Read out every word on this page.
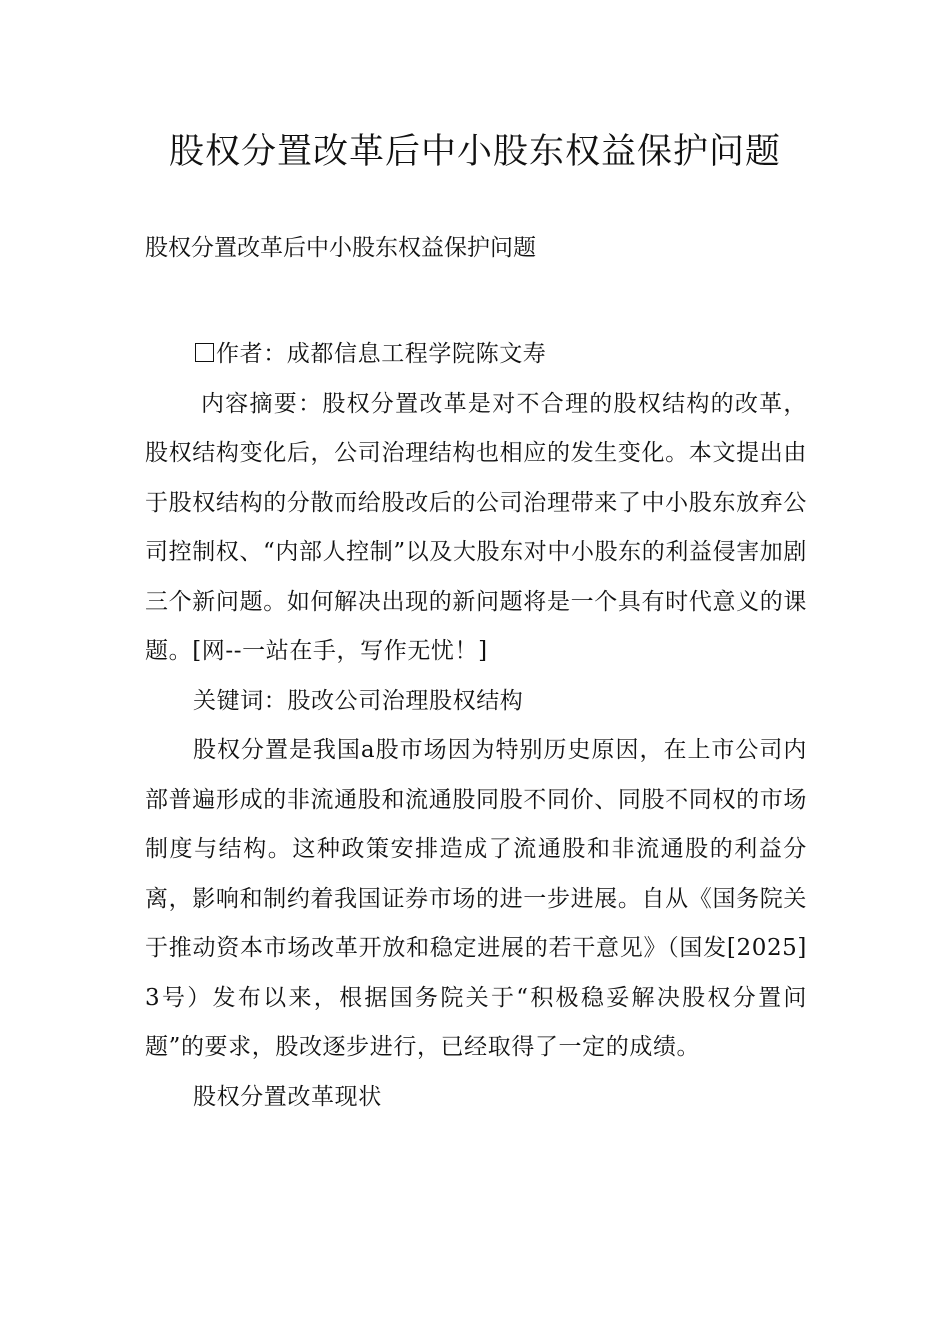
股权分置改革后中小股东权益保护问题

股权分置改革后中小股东权益保护问题

作者：成都信息工程学院陈文寿

内容摘要：股权分置改革是对不合理的股权结构的改革，股权结构变化后，公司治理结构也相应的发生变化。本文提出由于股权结构的分散而给股改后的公司治理带来了中小股东放弃公司控制权、“内部人控制”以及大股东对中小股东的利益侵害加剧三个新问题。如何解决出现的新问题将是一个具有时代意义的课题。[网--一站在手，写作无忧！]

关键词：股改公司治理股权结构

股权分置是我国a股市场因为特别历史原因，在上市公司内部普遍形成的非流通股和流通股同股不同价、同股不同权的市场制度与结构。这种政策安排造成了流通股和非流通股的利益分离，影响和制约着我国证券市场的进一步进展。自从《国务院关于推动资本市场改革开放和稳定进展的若干意见》（国发[2025]3号）发布以来，根据国务院关于“积极稳妥解决股权分置问题”的要求，股改逐步进行，已经取得了一定的成绩。

股权分置改革现状
